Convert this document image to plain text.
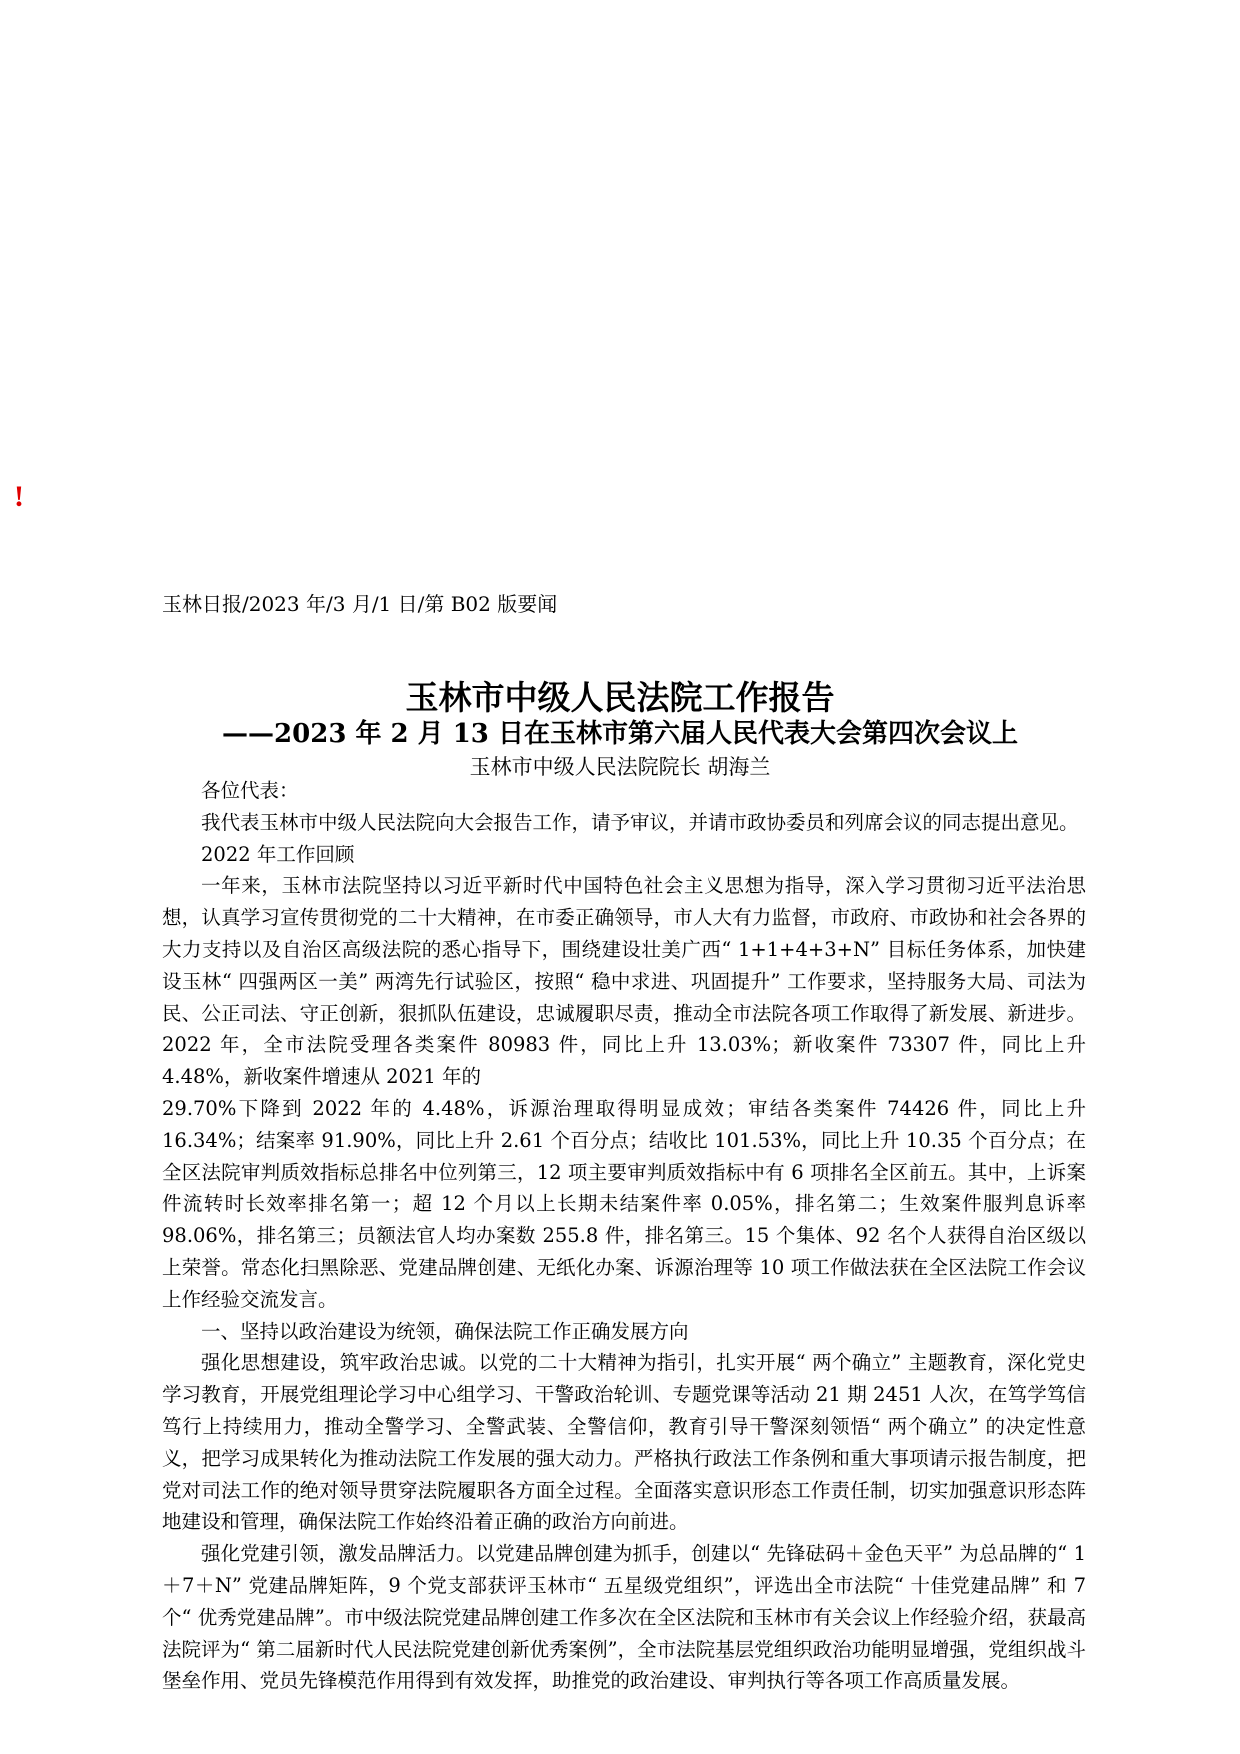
!
玉林日报/2023 年/3 月/1 日/第 B02 版要闻
玉林市中级人民法院工作报告
——2023 年 2 月 13 日在玉林市第六届人民代表大会第四次会议上
玉林市中级人民法院院长 胡海兰

各位代表：

我代表玉林市中级人民法院向大会报告工作，请予审议，并请市政协委员和列席会议的同志提出意见。

2022 年工作回顾

一年来，玉林市法院坚持以习近平新时代中国特色社会主义思想为指导，深入学习贯彻习近平法治思想，认真学习宣传贯彻党的二十大精神，在市委正确领导，市人大有力监督，市政府、市政协和社会各界的大力支持以及自治区高级法院的悉心指导下，围绕建设壮美广西“ 1+1+4+3+N” 目标任务体系，加快建设玉林“ 四强两区一美” 两湾先行试验区，按照“ 稳中求进、巩固提升” 工作要求，坚持服务大局、司法为民、公正司法、守正创新，狠抓队伍建设，忠诚履职尽责，推动全市法院各项工作取得了新发展、新进步。2022 年，全市法院受理各类案件 80983 件，同比上升 13.03%；新收案件 73307 件，同比上升 4.48%，新收案件增速从 2021 年的

29.70%下降到 2022 年的 4.48%，诉源治理取得明显成效；审结各类案件 74426 件，同比上升 16.34%；结案率 91.90%，同比上升 2.61 个百分点；结收比 101.53%，同比上升 10.35 个百分点；在全区法院审判质效指标总排名中位列第三，12 项主要审判质效指标中有 6 项排名全区前五。其中，上诉案件流转时长效率排名第一；超 12 个月以上长期未结案件率 0.05%，排名第二；生效案件服判息诉率 98.06%，排名第三；员额法官人均办案数 255.8 件，排名第三。15 个集体、92 名个人获得自治区级以上荣誉。常态化扫黑除恶、党建品牌创建、无纸化办案、诉源治理等 10 项工作做法获在全区法院工作会议上作经验交流发言。

一、坚持以政治建设为统领，确保法院工作正确发展方向

强化思想建设，筑牢政治忠诚。以党的二十大精神为指引，扎实开展“ 两个确立” 主题教育，深化党史学习教育，开展党组理论学习中心组学习、干警政治轮训、专题党课等活动 21 期 2451 人次，在笃学笃信笃行上持续用力，推动全警学习、全警武装、全警信仰，教育引导干警深刻领悟“ 两个确立” 的决定性意义，把学习成果转化为推动法院工作发展的强大动力。严格执行政法工作条例和重大事项请示报告制度，把党对司法工作的绝对领导贯穿法院履职各方面全过程。全面落实意识形态工作责任制，切实加强意识形态阵地建设和管理，确保法院工作始终沿着正确的政治方向前进。

强化党建引领，激发品牌活力。以党建品牌创建为抓手，创建以“ 先锋砝码＋金色天平” 为总品牌的“ 1＋7＋N” 党建品牌矩阵，9 个党支部获评玉林市“ 五星级党组织”，评选出全市法院“ 十佳党建品牌” 和 7 个“ 优秀党建品牌”。市中级法院党建品牌创建工作多次在全区法院和玉林市有关会议上作经验介绍，获最高法院评为“ 第二届新时代人民法院党建创新优秀案例”，全市法院基层党组织政治功能明显增强，党组织战斗堡垒作用、党员先锋模范作用得到有效发挥，助推党的政治建设、审判执行等各项工作高质量发展。
